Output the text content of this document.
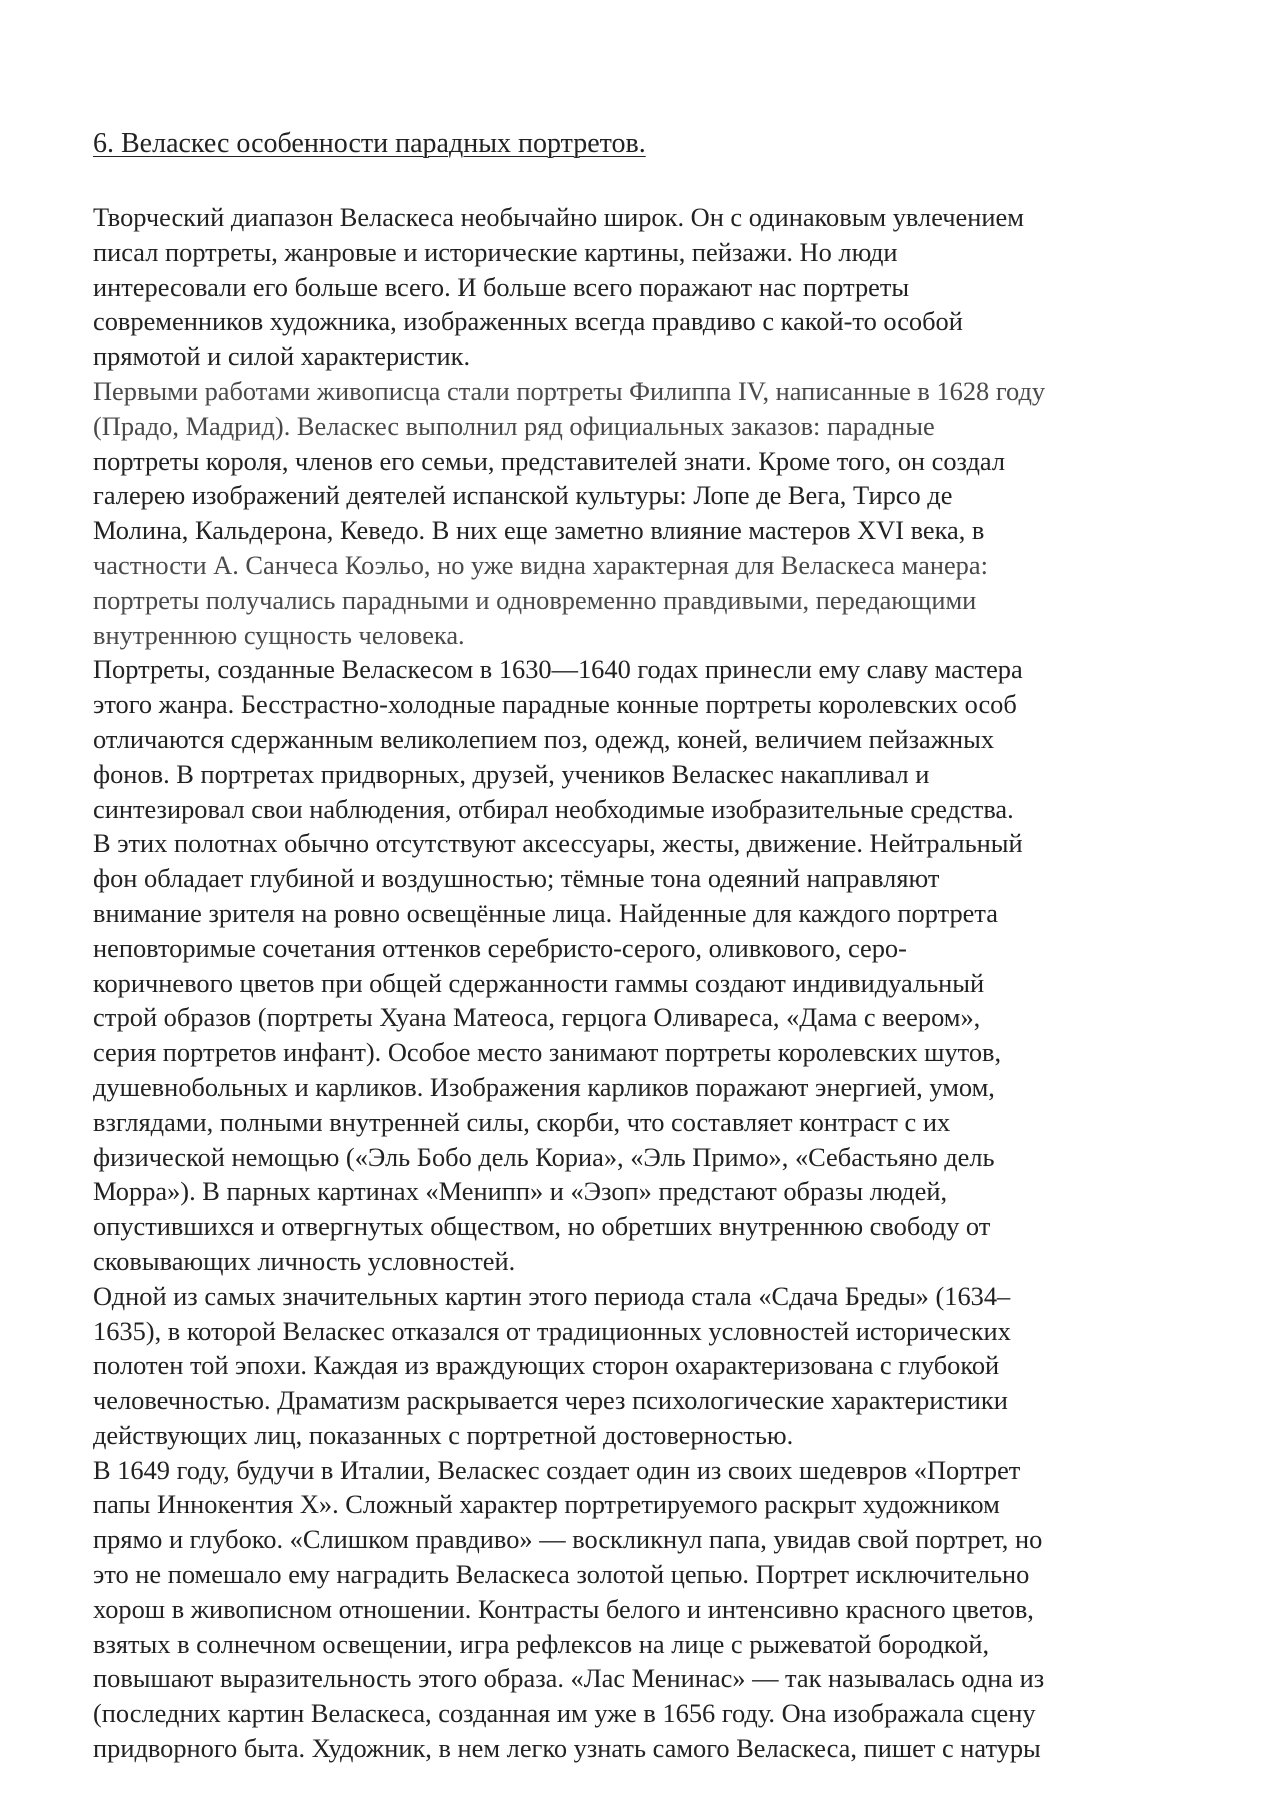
6. Веласкес особенности парадных портретов.
Творческий диапазон Веласкеса необычайно широк. Он с одинаковым увлечением
писал портреты, жанровые и исторические картины, пейзажи. Но люди
интересовали его больше всего. И больше всего поражают нас портреты
современников художника, изображенных всегда правдиво с какой-то особой
прямотой и силой характеристик.
Первыми работами живописца стали портреты Филиппа IV, написанные в 1628 году
(Прадо, Мадрид). Веласкес выполнил ряд официальных заказов: парадные
портреты короля, членов его семьи, представителей знати. Кроме того, он создал
галерею изображений деятелей испанской культуры: Лопе де Вега, Тирсо де
Молина, Кальдерона, Кеведо. В них еще заметно влияние мастеров XVI века, в
частности А. Санчеса Коэльо, но уже видна характерная для Веласкеса манера:
портреты получались парадными и одновременно правдивыми, передающими
внутреннюю сущность человека.
Портреты, созданные Веласкесом в 1630—1640 годах принесли ему славу мастера
этого жанра. Бесстрастно-холодные парадные конные портреты королевских особ
отличаются сдержанным великолепием поз, одежд, коней, величием пейзажных
фонов. В портретах придворных, друзей, учеников Веласкес накапливал и
синтезировал свои наблюдения, отбирал необходимые изобразительные средства.
В этих полотнах обычно отсутствуют аксессуары, жесты, движение. Нейтральный
фон обладает глубиной и воздушностью; тёмные тона одеяний направляют
внимание зрителя на ровно освещённые лица. Найденные для каждого портрета
неповторимые сочетания оттенков серебристо-серого, оливкового, серо-
коричневого цветов при общей сдержанности гаммы создают индивидуальный
строй образов (портреты Хуана Матеоса, герцога Оливареса, «Дама с веером»,
серия портретов инфант). Особое место занимают портреты королевских шутов,
душевнобольных и карликов. Изображения карликов поражают энергией, умом,
взглядами, полными внутренней силы, скорби, что составляет контраст с их
физической немощью («Эль Бобо дель Кориа», «Эль Примо», «Себастьяно дель
Морра»). В парных картинах «Менипп» и «Эзоп» предстают образы людей,
опустившихся и отвергнутых обществом, но обретших внутреннюю свободу от
сковывающих личность условностей.
Одной из самых значительных картин этого периода стала «Сдача Бреды» (1634–
1635), в которой Веласкес отказался от традиционных условностей исторических
полотен той эпохи. Каждая из враждующих сторон охарактеризована с глубокой
человечностью. Драматизм раскрывается через психологические характеристики
действующих лиц, показанных с портретной достоверностью.
В 1649 году, будучи в Италии, Веласкес создает один из своих шедевров «Портрет
папы Иннокентия X». Сложный характер портретируемого раскрыт художником
прямо и глубоко. «Слишком правдиво» — воскликнул папа, увидав свой портрет, но
это не помешало ему наградить Веласкеса золотой цепью. Портрет исключительно
хорош в живописном отношении. Контрасты белого и интенсивно красного цветов,
взятых в солнечном освещении, игра рефлексов на лице с рыжеватой бородкой,
повышают выразительность этого образа. «Лас Менинас» — так называлась одна из
(последних картин Веласкеса, созданная им уже в 1656 году. Она изображала сцену
придворного быта. Художник, в нем легко узнать самого Веласкеса, пишет с натуры
